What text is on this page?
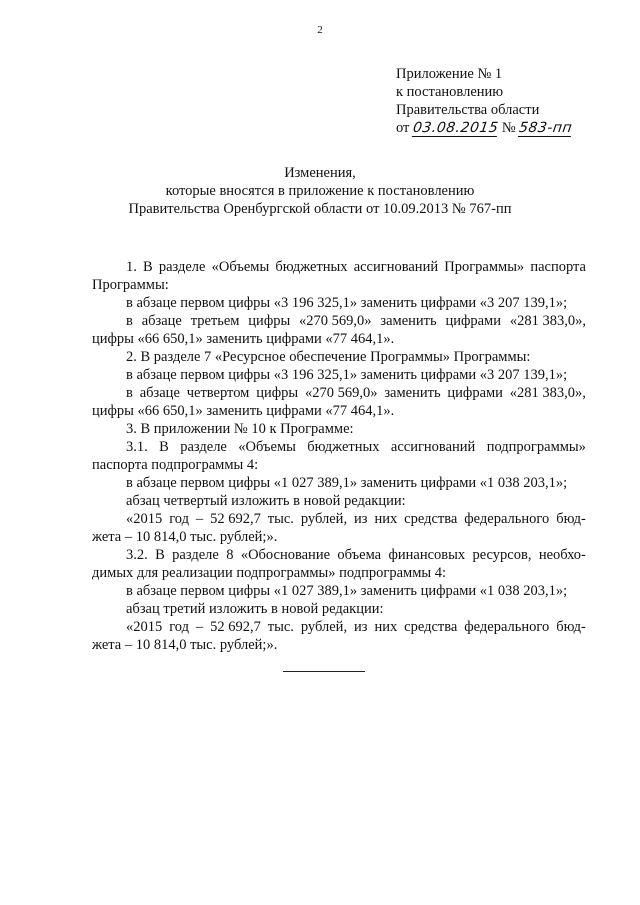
2
Приложение № 1
к постановлению
Правительства области
от 03.08.2015 № 583-пп
Изменения,
которые вносятся в приложение к постановлению
Правительства Оренбургской области от 10.09.2013 № 767-пп
1. В разделе «Объемы бюджетных ассигнований Программы» паспорта

Программы:

в абзаце первом цифры «3 196 325,1» заменить цифрами «3 207 139,1»;

в абзаце третьем цифры «270 569,0» заменить цифрами «281 383,0»,

цифры «66 650,1» заменить цифрами «77 464,1».

2. В разделе 7 «Ресурсное обеспечение Программы» Программы:

в абзаце первом цифры «3 196 325,1» заменить цифрами «3 207 139,1»;

в абзаце четвертом цифры «270 569,0» заменить цифрами «281 383,0»,

цифры «66 650,1» заменить цифрами «77 464,1».

3. В приложении № 10 к Программе:

3.1. В разделе «Объемы бюджетных ассигнований подпрограммы»

паспорта подпрограммы 4:

в абзаце первом цифры «1 027 389,1» заменить цифрами «1 038 203,1»;

абзац четвертый изложить в новой редакции:

«2015 год – 52 692,7 тыс. рублей, из них средства федерального бюд-

жета – 10 814,0 тыс. рублей;».

3.2. В разделе 8 «Обоснование объема финансовых ресурсов, необхо-

димых для реализации подпрограммы» подпрограммы 4:

в абзаце первом цифры «1 027 389,1» заменить цифрами «1 038 203,1»;

абзац третий изложить в новой редакции:

«2015 год – 52 692,7 тыс. рублей, из них средства федерального бюд-

жета – 10 814,0 тыс. рублей;».
